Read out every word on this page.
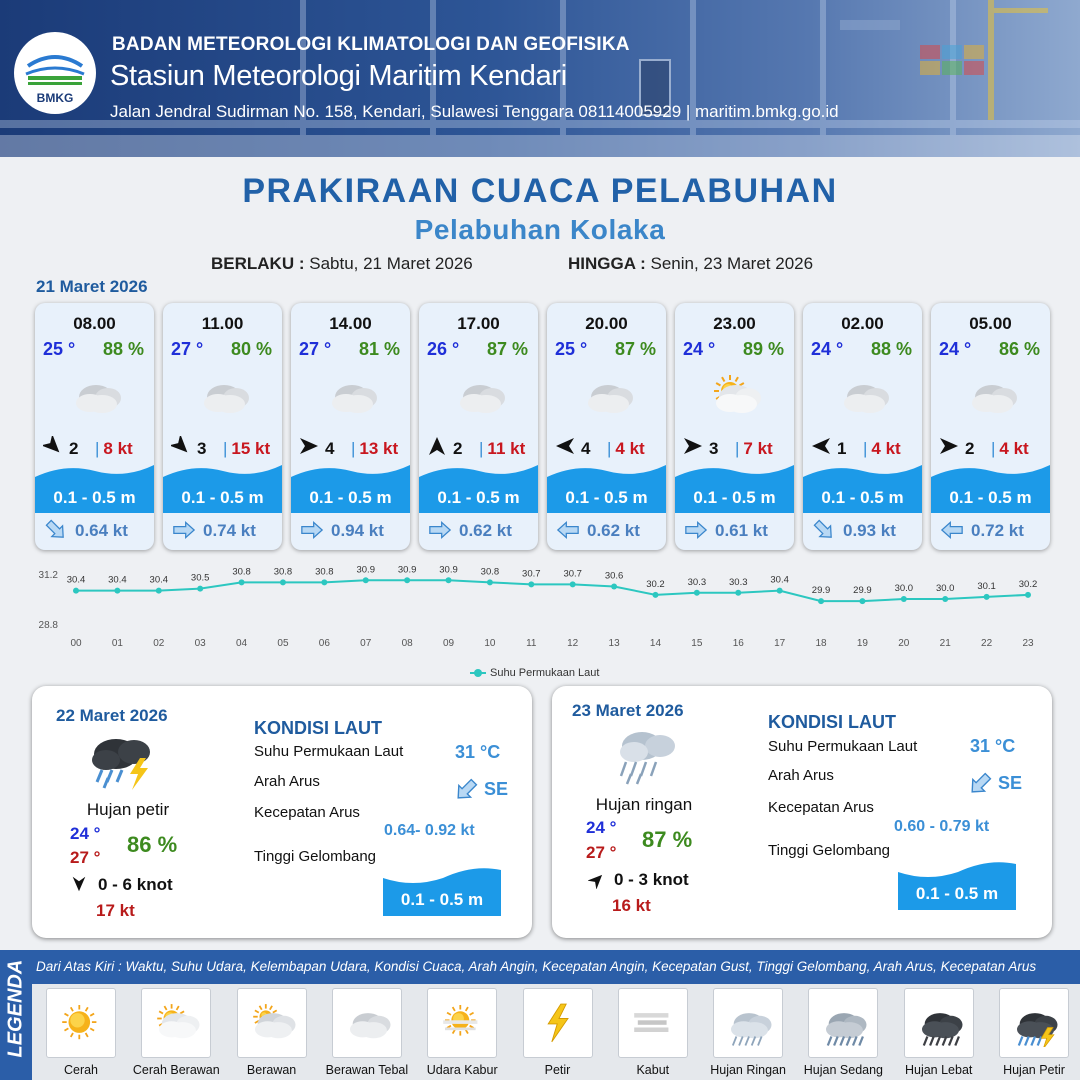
BMKG
BADAN METEOROLOGI KLIMATOLOGI DAN GEOFISIKA
Stasiun Meteorologi Maritim Kendari
Jalan Jendral Sudirman No. 158, Kendari, Sulawesi Tenggara 08114005929 | maritim.bmkg.go.id
PRAKIRAAN CUACA PELABUHAN
Pelabuhan Kolaka
BERLAKU : Sabtu, 21 Maret 2026	HINGGA : Senin, 23 Maret 2026
21 Maret 2026
08.00
25 ° 88 %
2 | 8 kt
0.1 - 0.5 m
0.64 kt
11.00
27 ° 80 %
3 | 15 kt
0.1 - 0.5 m
0.74 kt
14.00
27 ° 81 %
4 | 13 kt
0.1 - 0.5 m
0.94 kt
17.00
26 ° 87 %
2 | 11 kt
0.1 - 0.5 m
0.62 kt
20.00
25 ° 87 %
4 | 4 kt
0.1 - 0.5 m
0.62 kt
23.00
24 ° 89 %
3 | 7 kt
0.1 - 0.5 m
0.61 kt
02.00
24 ° 88 %
1 | 4 kt
0.1 - 0.5 m
0.93 kt
05.00
24 ° 86 %
2 | 4 kt
0.1 - 0.5 m
0.72 kt
31.2
28.8
30.4
00
30.4
01
30.4
02
30.5
03
30.8
04
30.8
05
30.8
06
30.9
07
30.9
08
30.9
09
30.8
10
30.7
11
30.7
12
30.6
13
30.2
14
30.3
15
30.3
16
30.4
17
29.9
18
29.9
19
30.0
20
30.0
21
30.1
22
30.2
23
Suhu Permukaan Laut
22 Maret 2026
Hujan petir
24 °
27 °
86 %
0 - 6 knot
17 kt
KONDISI LAUT
Suhu Permukaan Laut	31 °C
Arah Arus	SE
Kecepatan Arus
0.64- 0.92 kt
Tinggi Gelombang
0.1 - 0.5 m
23 Maret 2026
Hujan ringan
24 °
27 °
87 %
0 - 3 knot
16 kt
KONDISI LAUT
Suhu Permukaan Laut	31 °C
Arah Arus	SE
Kecepatan Arus
0.60 - 0.79 kt
Tinggi Gelombang
0.1 - 0.5 m
LEGENDA Dari Atas Kiri : Waktu, Suhu Udara, Kelembapan Udara, Kondisi Cuaca, Arah Angin, Kecepatan Angin, Kecepatan Gust, Tinggi Gelombang, Arah Arus, Kecepatan Arus
Cerah	Cerah Berawan	Berawan	Berawan Tebal	Udara Kabur	Petir	Kabut	Hujan Ringan	Hujan Sedang	Hujan Lebat	Hujan Petir
